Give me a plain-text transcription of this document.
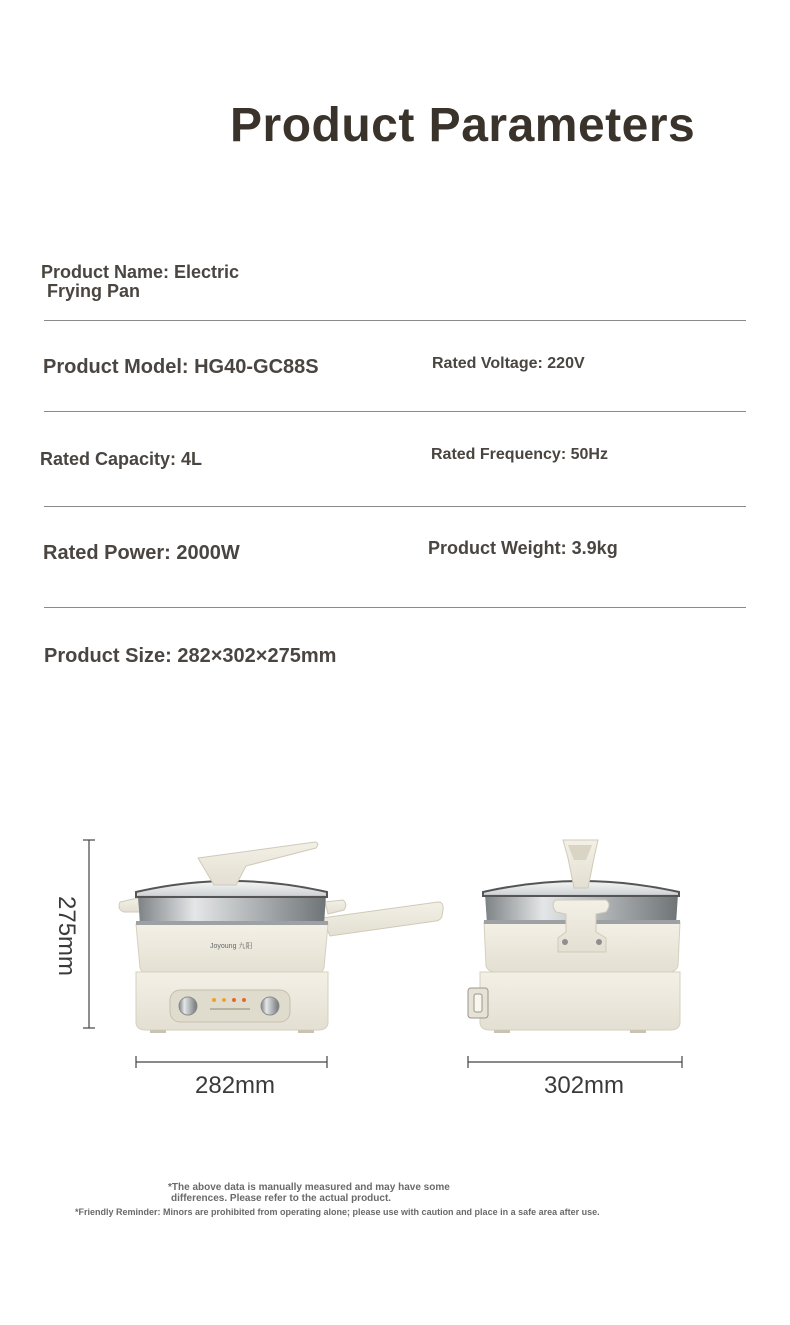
Product Parameters
Product Name: Electric
Frying Pan
Product Model: HG40-GC88S	Rated Voltage: 220V
Rated Capacity: 4L	Rated Frequency: 50Hz
Rated Power: 2000W	Product Weight: 3.9kg
Product Size: 282×302×275mm
Joyoung 九阳
275mm
282mm	302mm
*The above data is manually measured and may have some
differences. Please refer to the actual product.
*Friendly Reminder: Minors are prohibited from operating alone; please use with caution and place in a safe area after use.
